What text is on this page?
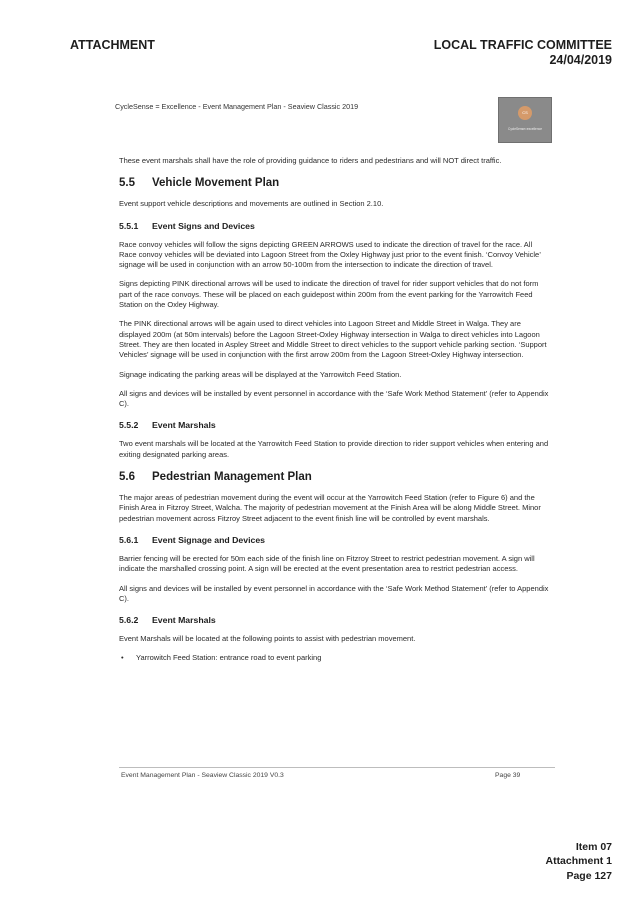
ATTACHMENT	LOCAL TRAFFIC COMMITTEE
24/04/2019
CycleSense = Excellence - Event Management Plan - Seaview Classic 2019
CS
CycleSense=excellence

These event marshals shall have the role of providing guidance to riders and pedestrians and will NOT direct traffic.

5.5 Vehicle Movement Plan

Event support vehicle descriptions and movements are outlined in Section 2.10.

5.5.1 Event Signs and Devices

Race convoy vehicles will follow the signs depicting GREEN ARROWS used to indicate the direction of travel for the race. All Race convoy vehicles will be deviated into Lagoon Street from the Oxley Highway just prior to the event finish. ‘Convoy Vehicle’ signage will be used in conjunction with an arrow 50-100m from the intersection to indicate the direction of travel.

Signs depicting PINK directional arrows will be used to indicate the direction of travel for rider support vehicles that do not form part of the race convoys. These will be placed on each guidepost within 200m from the event parking for the Yarrowitch Feed Station on the Oxley Highway.

The PINK directional arrows will be again used to direct vehicles into Lagoon Street and Middle Street in Walga. They are displayed 200m (at 50m intervals) before the Lagoon Street-Oxley Highway intersection in Walga to direct vehicles into Lagoon Street. They are then located in Aspley Street and Middle Street to direct vehicles to the support vehicle parking section. ‘Support Vehicles’ signage will be used in conjunction with the first arrow 200m from the Lagoon Street-Oxley Highway intersection.

Signage indicating the parking areas will be displayed at the Yarrowitch Feed Station.

All signs and devices will be installed by event personnel in accordance with the ‘Safe Work Method Statement’ (refer to Appendix C).

5.5.2 Event Marshals

Two event marshals will be located at the Yarrowitch Feed Station to provide direction to rider support vehicles when entering and exiting designated parking areas.

5.6 Pedestrian Management Plan

The major areas of pedestrian movement during the event will occur at the Yarrowitch Feed Station (refer to Figure 6) and the Finish Area in Fitzroy Street, Walcha. The majority of pedestrian movement at the Finish Area will be along Middle Street. Minor pedestrian movement across Fitzroy Street adjacent to the event finish line will be controlled by event marshals.

5.6.1 Event Signage and Devices

Barrier fencing will be erected for 50m each side of the finish line on Fitzroy Street to restrict pedestrian movement. A sign will indicate the marshalled crossing point. A sign will be erected at the event presentation area to restrict pedestrian access.

All signs and devices will be installed by event personnel in accordance with the ‘Safe Work Method Statement’ (refer to Appendix C).

5.6.2 Event Marshals

Event Marshals will be located at the following points to assist with pedestrian movement.

• Yarrowitch Feed Station: entrance road to event parking

Event Management Plan - Seaview Classic 2019 V0.3	Page 39
Item 07
Attachment 1
Page 127
